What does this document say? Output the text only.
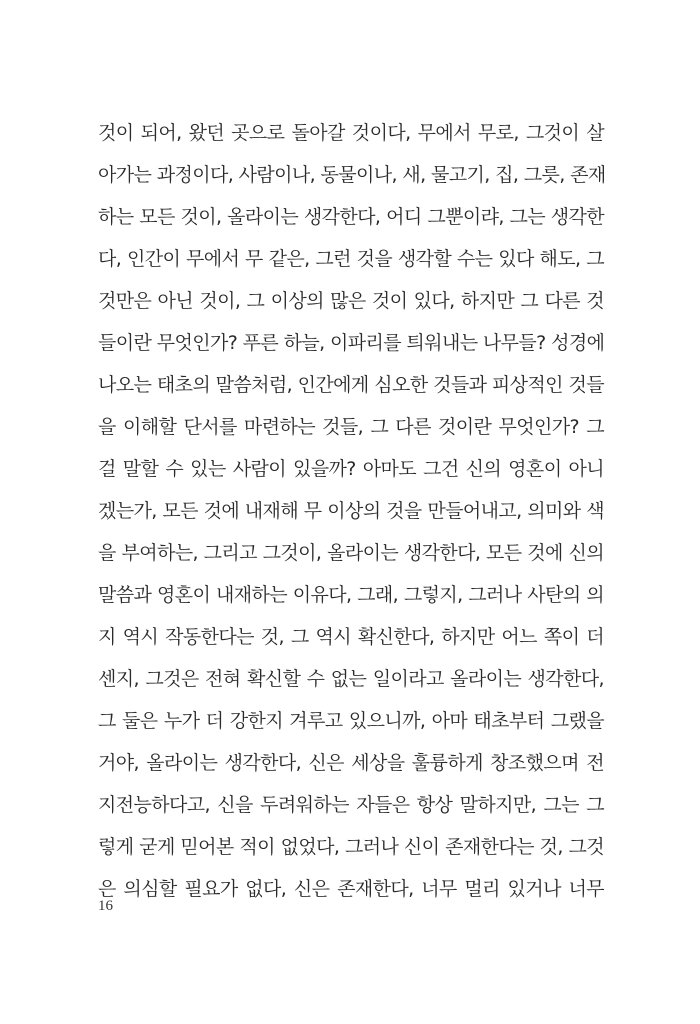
것이 되어, 왔던 곳으로 돌아갈 것이다, 무에서 무로, 그것이 살
아가는 과정이다, 사람이나, 동물이나, 새, 물고기, 집, 그릇, 존재
하는 모든 것이, 올라이는 생각한다, 어디 그뿐이랴, 그는 생각한
다, 인간이 무에서 무 같은, 그런 것을 생각할 수는 있다 해도, 그
것만은 아닌 것이, 그 이상의 많은 것이 있다, 하지만 그 다른 것
들이란 무엇인가? 푸른 하늘, 이파리를 틔워내는 나무들? 성경에
나오는 태초의 말씀처럼, 인간에게 심오한 것들과 피상적인 것들
을 이해할 단서를 마련하는 것들, 그 다른 것이란 무엇인가? 그
걸 말할 수 있는 사람이 있을까? 아마도 그건 신의 영혼이 아니
겠는가, 모든 것에 내재해 무 이상의 것을 만들어내고, 의미와 색
을 부여하는, 그리고 그것이, 올라이는 생각한다, 모든 것에 신의
말씀과 영혼이 내재하는 이유다, 그래, 그렇지, 그러나 사탄의 의
지 역시 작동한다는 것, 그 역시 확신한다, 하지만 어느 쪽이 더
센지, 그것은 전혀 확신할 수 없는 일이라고 올라이는 생각한다,
그 둘은 누가 더 강한지 겨루고 있으니까, 아마 태초부터 그랬을
거야, 올라이는 생각한다, 신은 세상을 훌륭하게 창조했으며 전
지전능하다고, 신을 두려워하는 자들은 항상 말하지만, 그는 그
렇게 굳게 믿어본 적이 없었다, 그러나 신이 존재한다는 것, 그것
은 의심할 필요가 없다, 신은 존재한다, 너무 멀리 있거나 너무
16
